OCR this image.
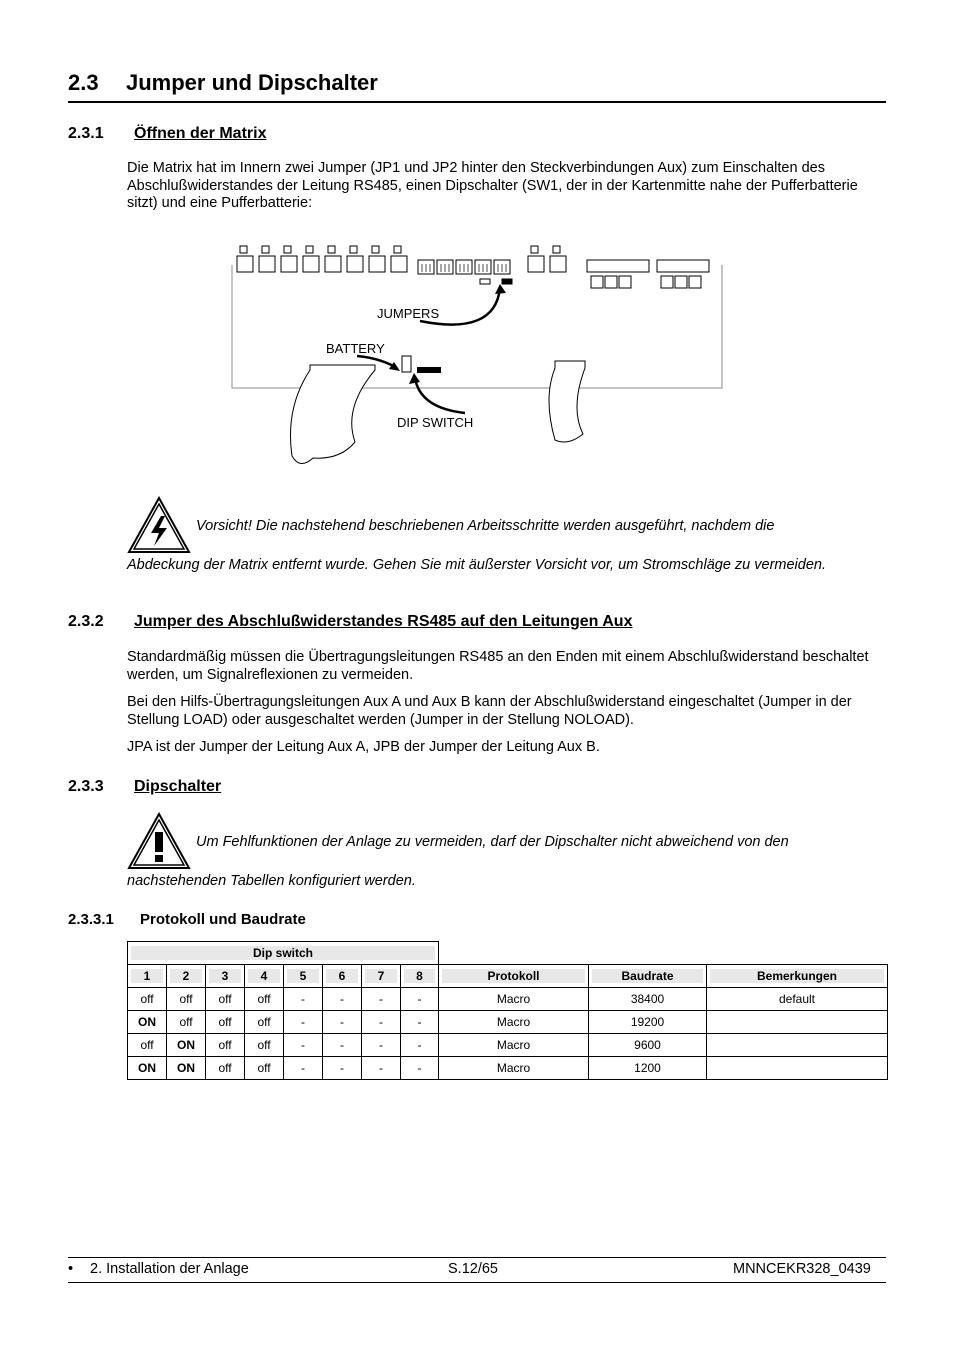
2.3 Jumper und Dipschalter
2.3.1 Öffnen der Matrix
Die Matrix hat im Innern zwei Jumper (JP1 und JP2 hinter den Steckverbindungen Aux) zum Einschalten des Abschlußwiderstandes der Leitung RS485, einen Dipschalter (SW1, der in der Kartenmitte nahe der Pufferbatterie sitzt) und eine Pufferbatterie:
JUMPERS
BATTERY
DIP SWITCH
Vorsicht! Die nachstehend beschriebenen Arbeitsschritte werden ausgeführt, nachdem die
Abdeckung der Matrix entfernt wurde. Gehen Sie mit äußerster Vorsicht vor, um Stromschläge zu vermeiden.
2.3.2 Jumper des Abschlußwiderstandes RS485 auf den Leitungen Aux
Standardmäßig müssen die Übertragungsleitungen RS485 an den Enden mit einem Abschlußwiderstand beschaltet werden, um Signalreflexionen zu vermeiden.
Bei den Hilfs-Übertragungsleitungen Aux A und Aux B kann der Abschlußwiderstand eingeschaltet (Jumper in der Stellung LOAD) oder ausgeschaltet werden (Jumper in der Stellung NOLOAD).
JPA ist der Jumper der Leitung Aux A, JPB der Jumper der Leitung Aux B.
2.3.3 Dipschalter
Um Fehlfunktionen der Anlage zu vermeiden, darf der Dipschalter nicht abweichend von den
nachstehenden Tabellen konfiguriert werden.
2.3.3.1 Protokoll und Baudrate
Dip switch										

1	2	3	4	5	6	7	8	Protokoll	Baudrate	Bemerkungen

off	off	off	off	-	-	-	-	Macro	38400	default
ON	off	off	off	-	-	-	-	Macro	19200	
off	ON	off	off	-	-	-	-	Macro	9600	
ON	ON	off	off	-	-	-	-	Macro	1200	
• 2. Installation der Anlage	S.12/65	MNNCEKR328_0439
